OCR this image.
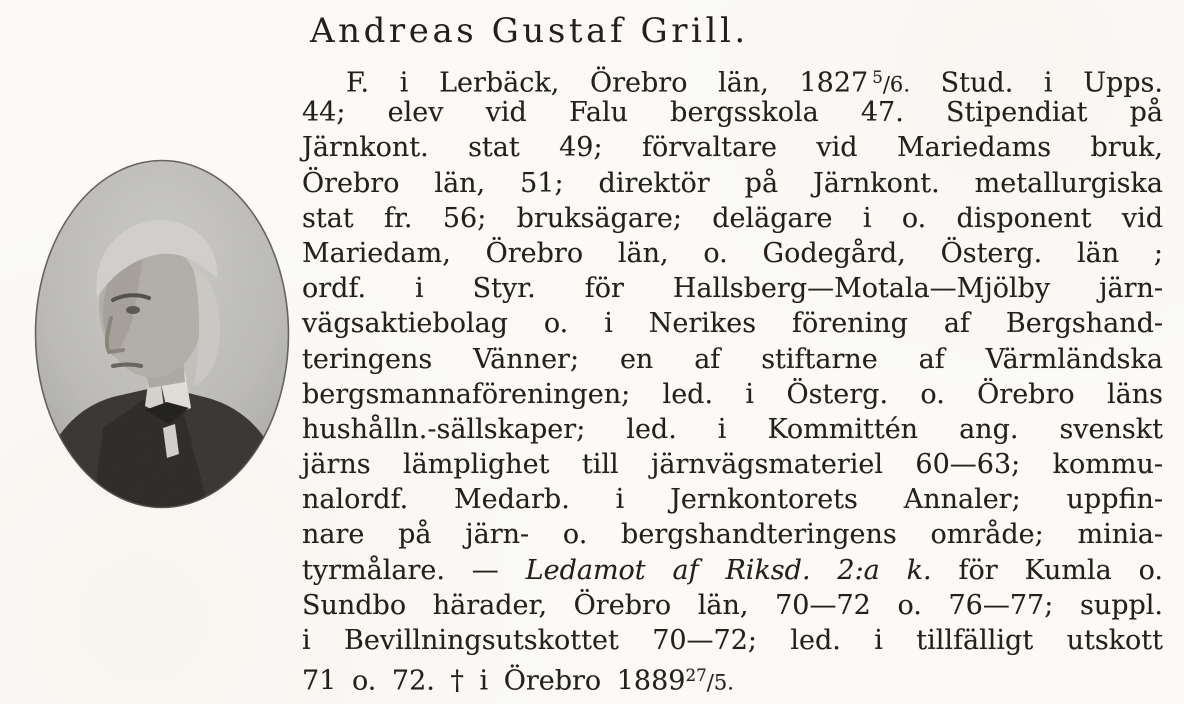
Andreas Gustaf Grill.
F. i Lerbäck, Örebro län, 1827 $^5$/6. Stud. i Upps.
44; elev vid Falu bergsskola 47. Stipendiat på
Järnkont. stat 49; förvaltare vid Mariedams bruk,
Örebro län, 51; direktör på Järnkont. metallurgiska
stat fr. 56; bruksägare; delägare i o. disponent vid
Mariedam, Örebro län, o. Godegård, Österg. län ;
ordf. i Styr. för Hallsberg—Motala—Mjölby järn-
vägsaktiebolag o. i Nerikes förening af Bergshand-
teringens Vänner; en af stiftarne af Värmländska
bergsmannaföreningen; led. i Österg. o. Örebro läns
hushålln.-sällskaper; led. i Kommittén ang. svenskt
järns lämplighet till järnvägsmateriel 60—63; kommu-
nalordf. Medarb. i Jernkontorets Annaler; uppfin-
nare på järn- o. bergshandteringens område; minia-
tyrmålare. — Ledamot af Riksd. 2:a k. för Kumla o.
Sundbo härader, Örebro län, 70—72 o. 76—77; suppl.
i Bevillningsutskottet 70—72; led. i tillfälligt utskott
71 o. 72. † i Örebro 1889$^{27}$/5.
